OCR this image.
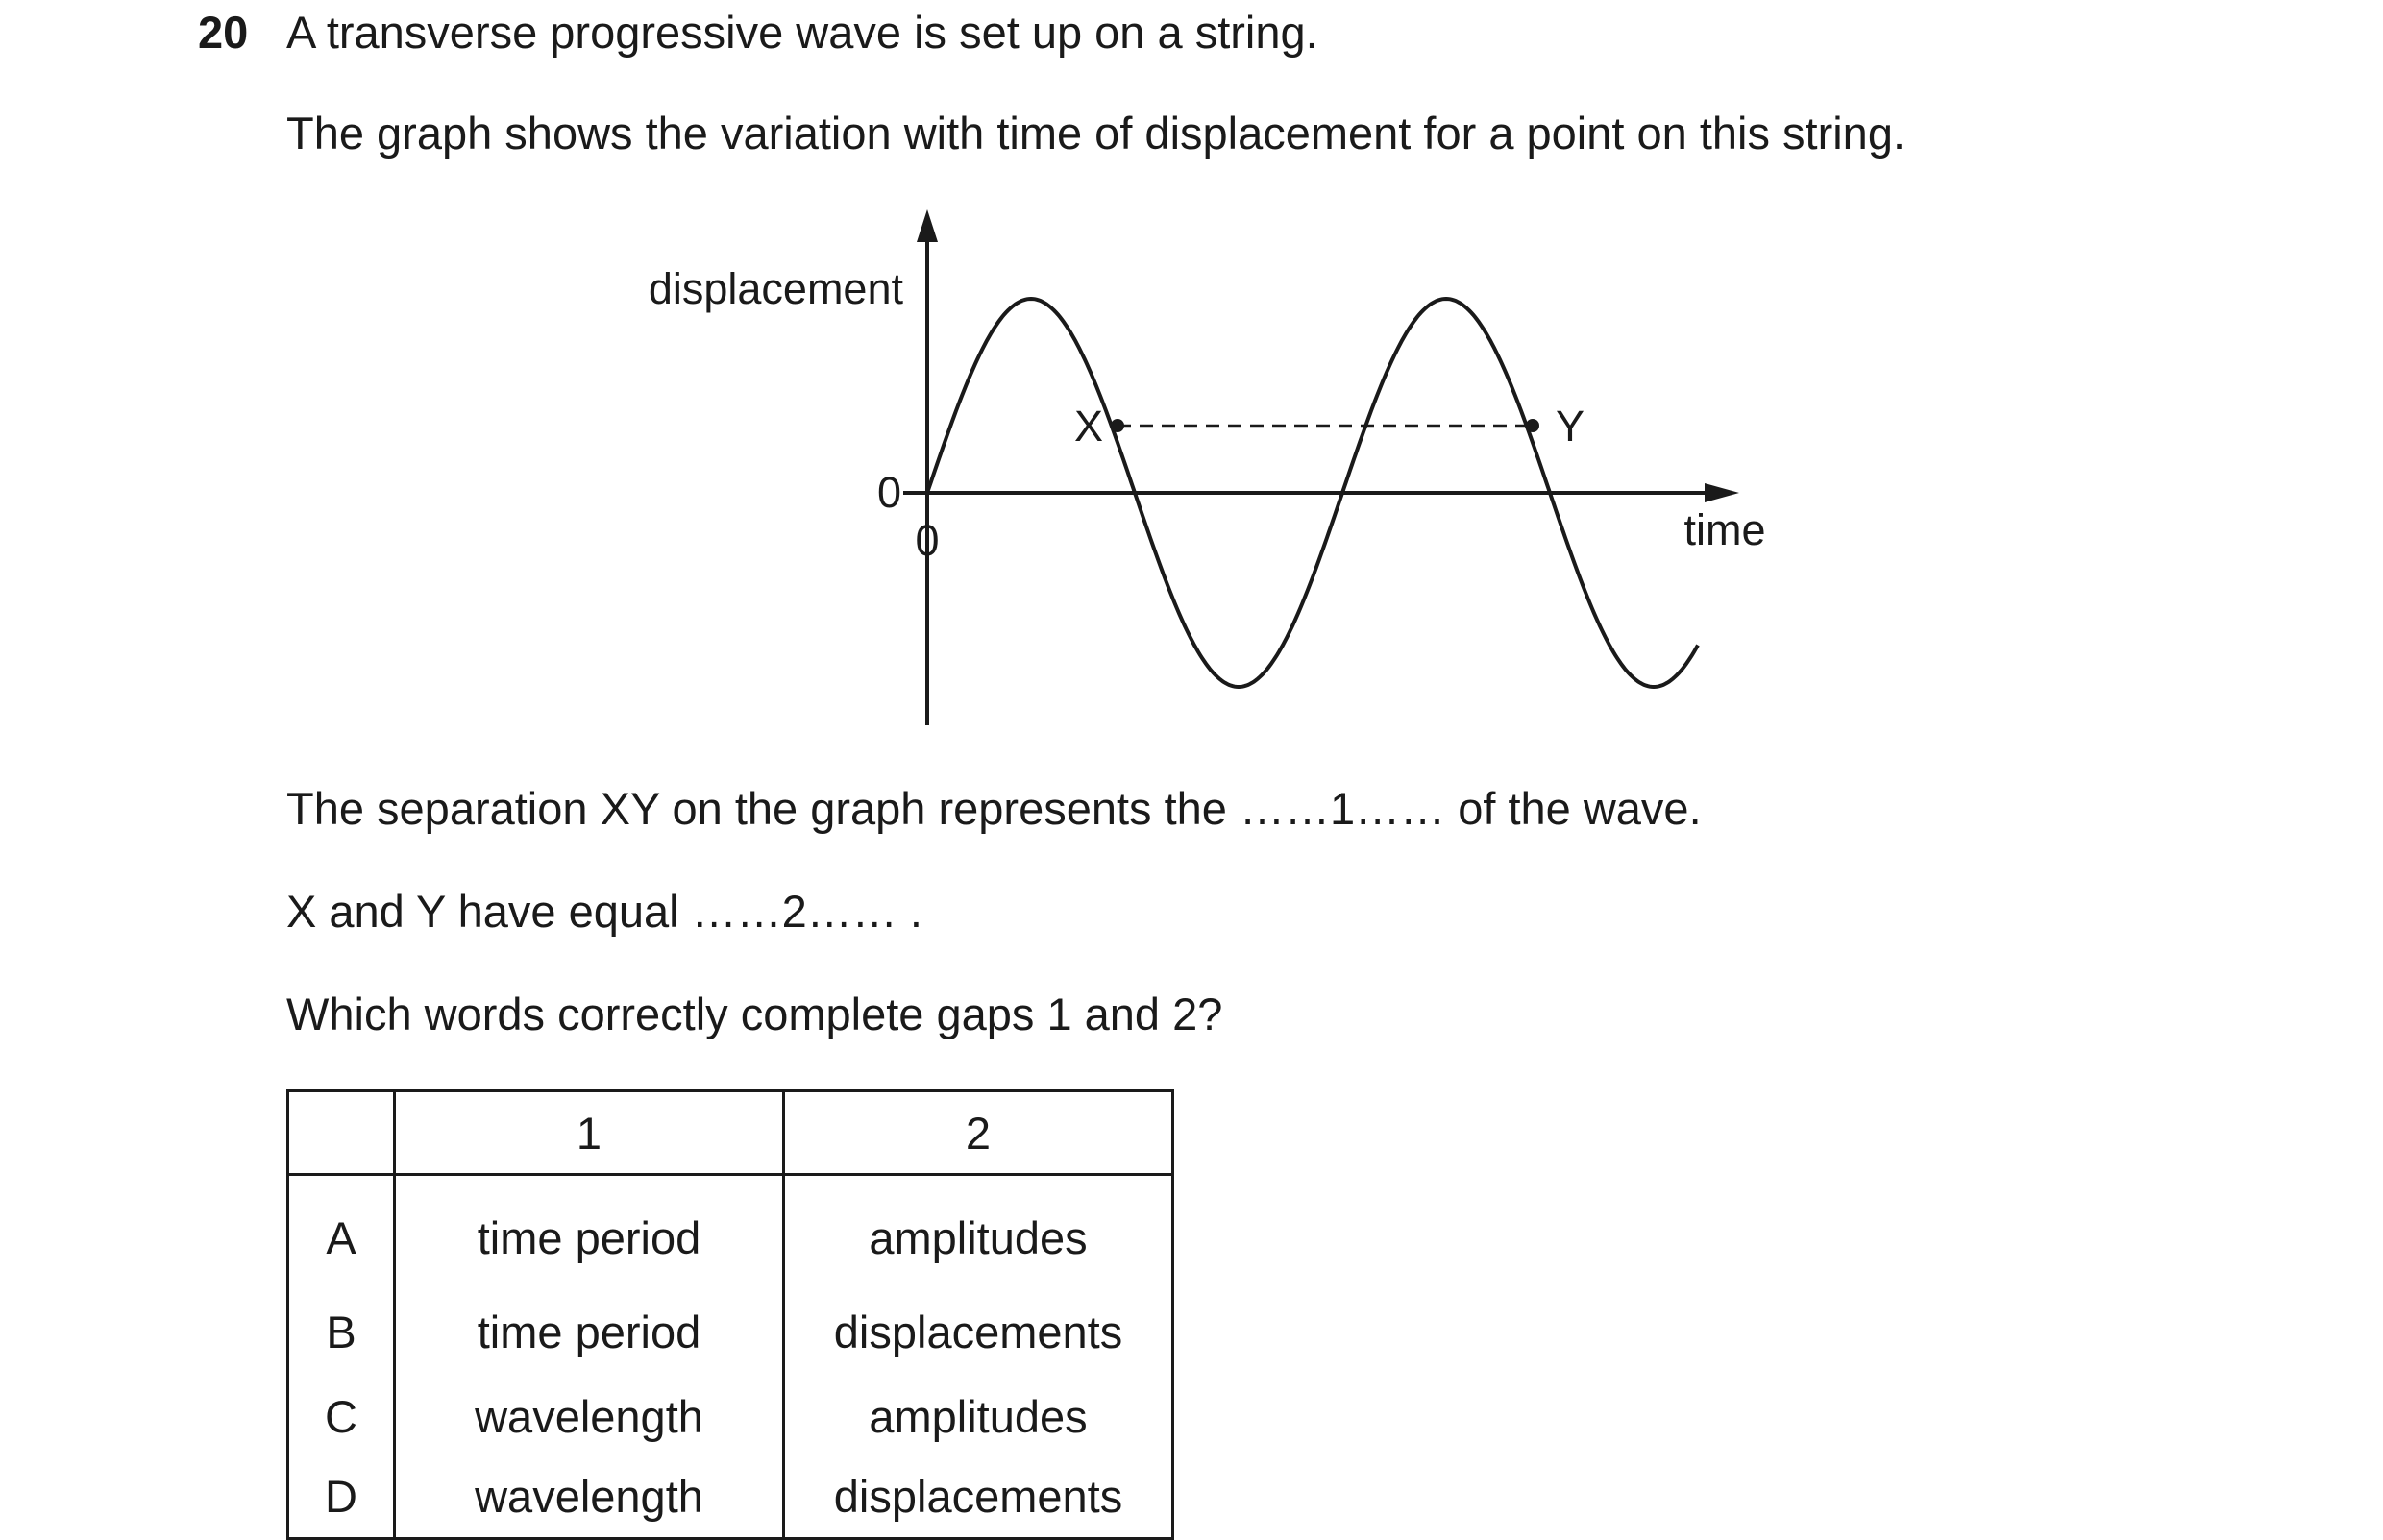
20 A transverse progressive wave is set up on a string.
The graph shows the variation with time of displacement for a point on this string.
displacement
time
0
0
X	Y
The separation XY on the graph represents the ……1…… of the wave.
X and Y have equal ……2…… .
Which words correctly complete gaps 1 and 2?
	1	2
A	time period	amplitudes
B	time period	displacements
C	wavelength	amplitudes
D	wavelength	displacements
